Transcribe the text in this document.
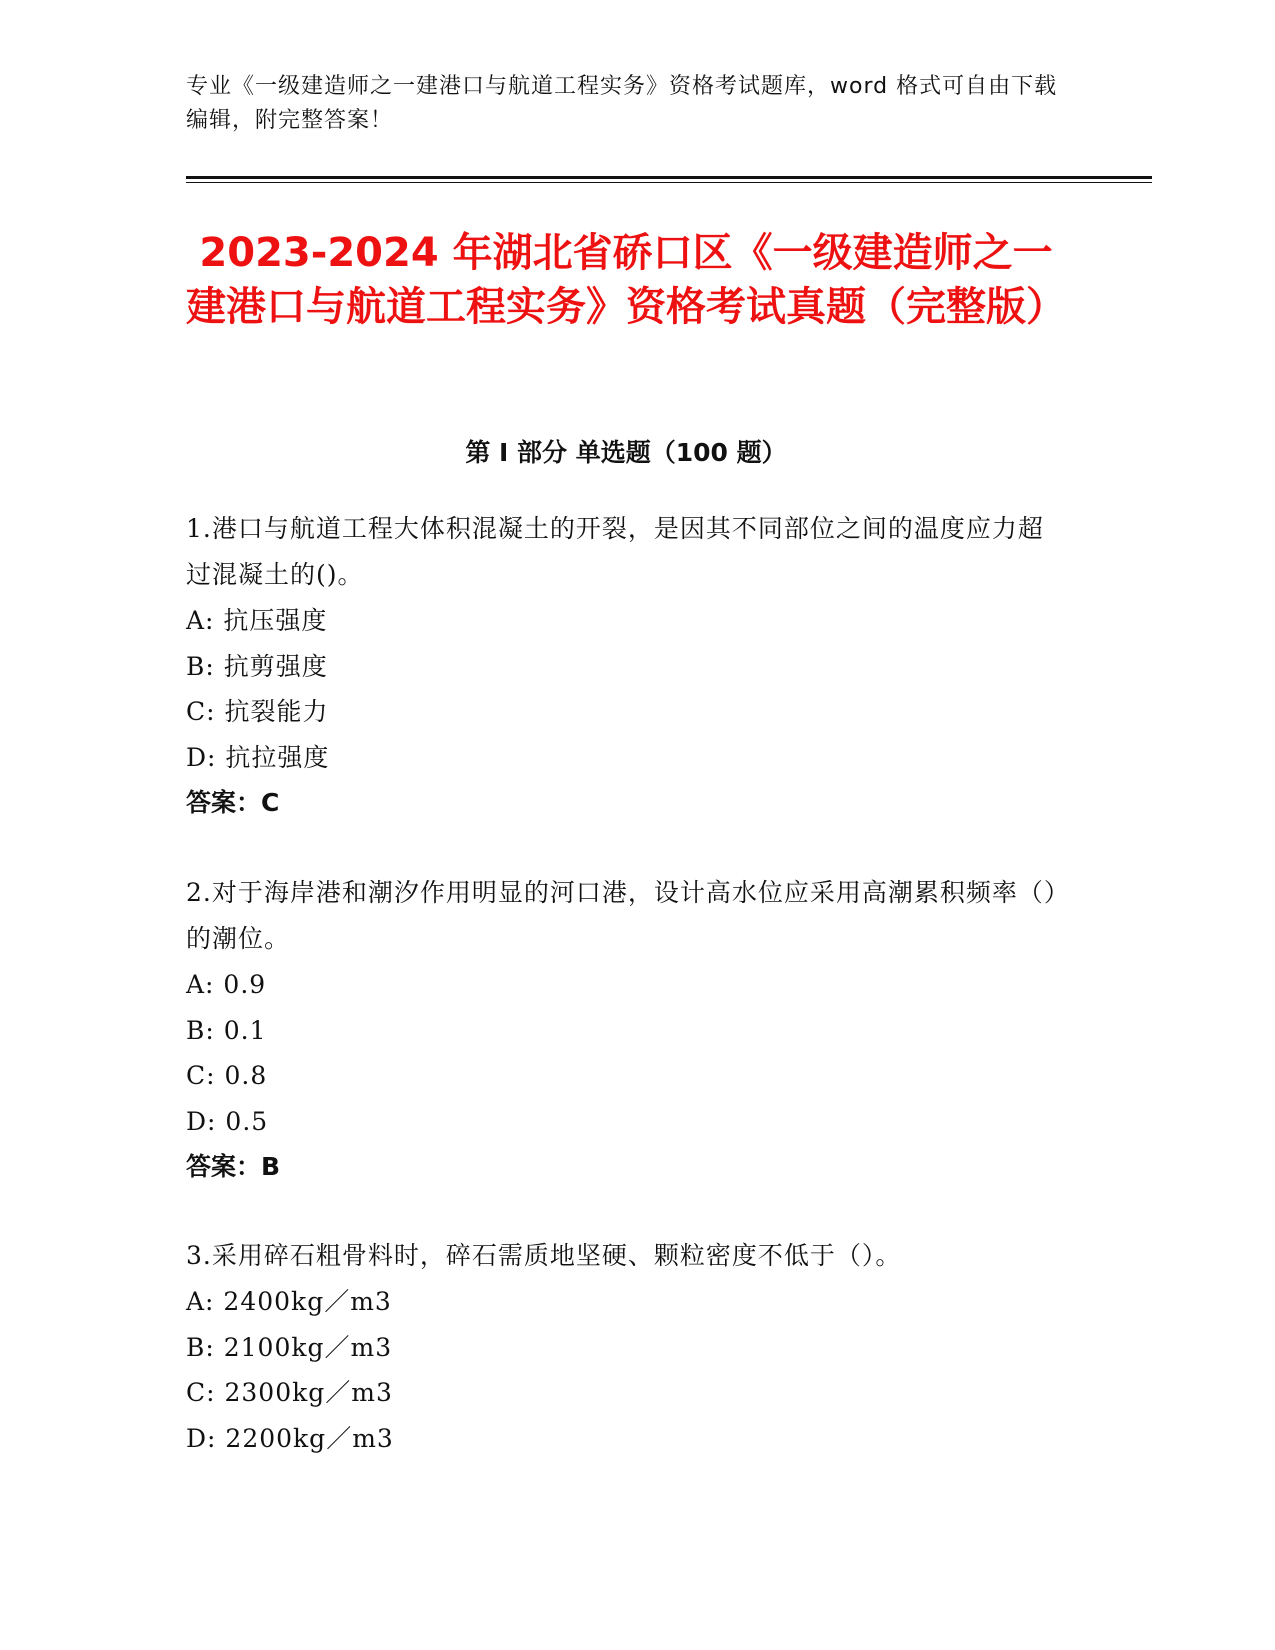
专业《一级建造师之一建港口与航道工程实务》资格考试题库，word 格式可自由下载编辑，附完整答案！
2023-2024 年湖北省硚口区《一级建造师之一建港口与航道工程实务》资格考试真题（完整版）
第 I 部分 单选题（100 题）
1.港口与航道工程大体积混凝土的开裂，是因其不同部位之间的温度应力超过混凝土的()。
A: 抗压强度
B: 抗剪强度
C: 抗裂能力
D: 抗拉强度
答案：C
2.对于海岸港和潮汐作用明显的河口港，设计高水位应采用高潮累积频率（）的潮位。
A: 0.9
B: 0.1
C: 0.8
D: 0.5
答案：B
3.采用碎石粗骨料时，碎石需质地坚硬、颗粒密度不低于（）。
A: 2400kg／m3
B: 2100kg／m3
C: 2300kg／m3
D: 2200kg／m3
